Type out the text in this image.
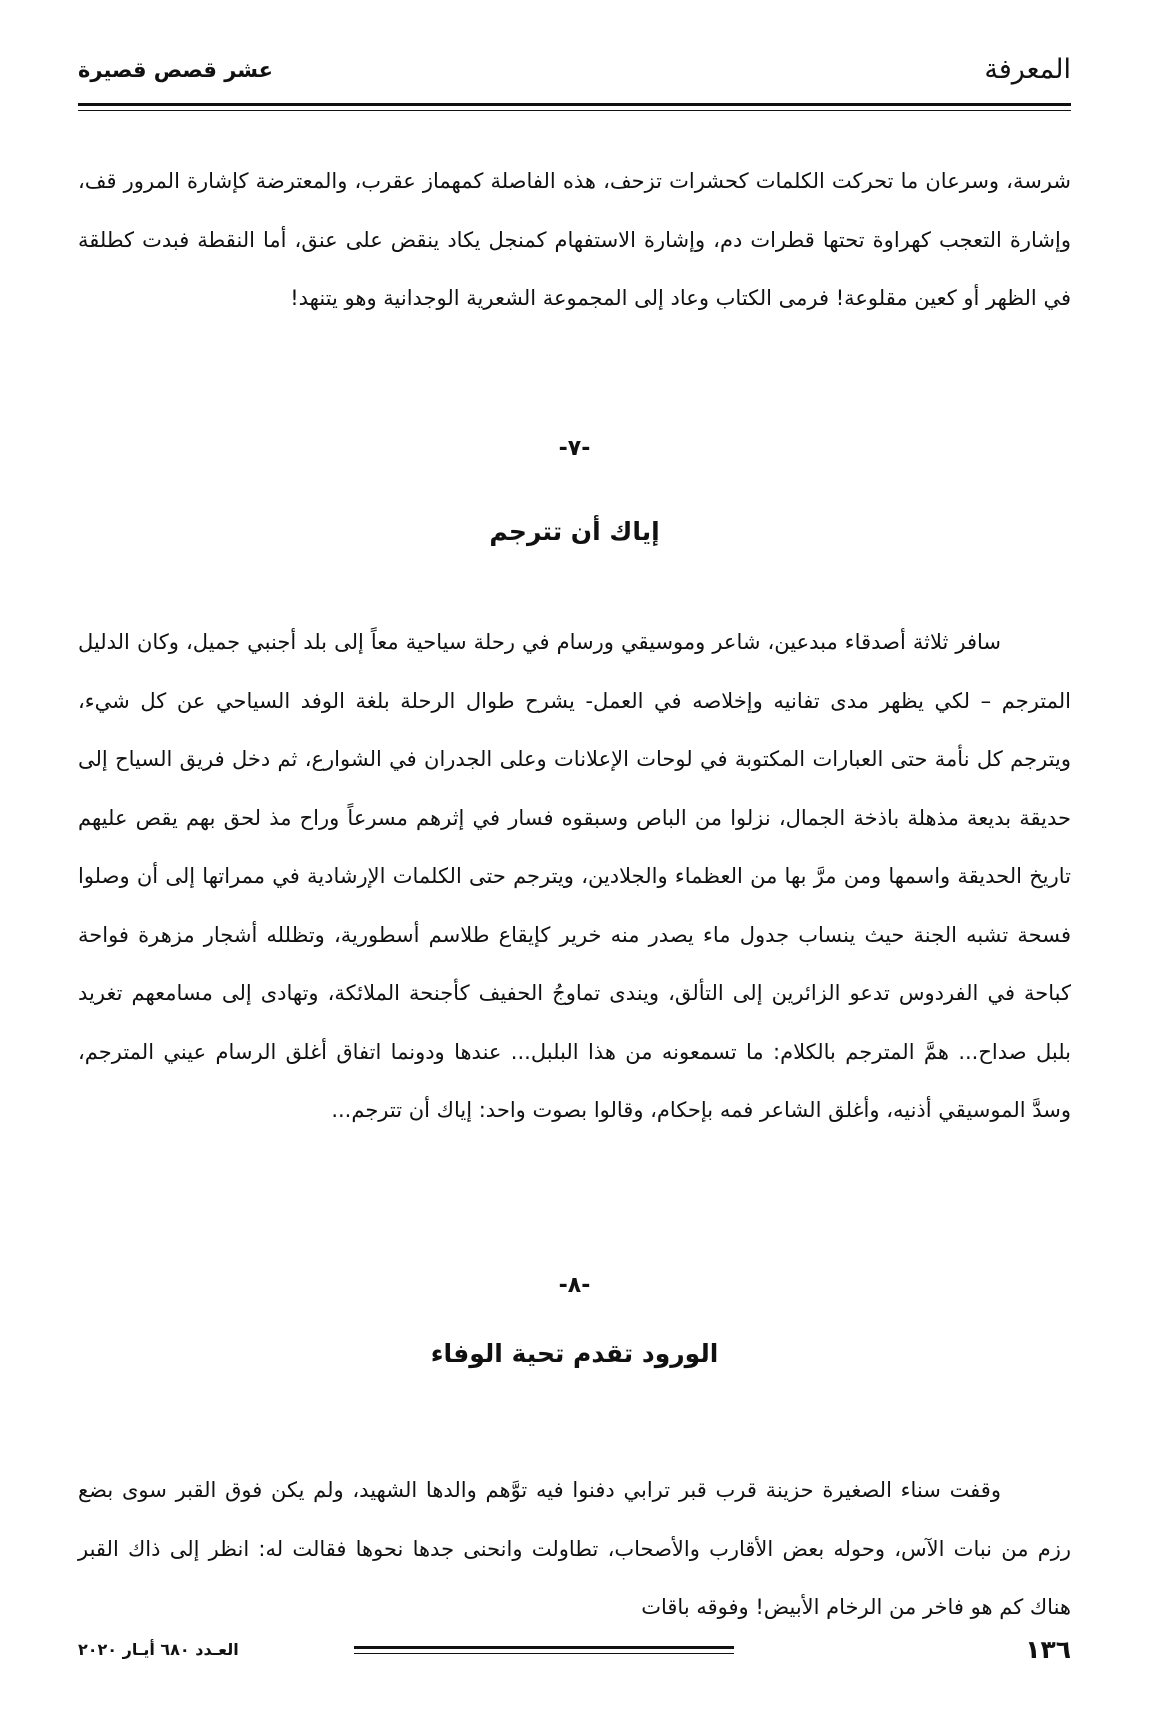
المعرفة
عشر قصص قصيرة

شرسة، وسرعان ما تحركت الكلمات كحشرات تزحف، هذه الفاصلة كمهماز عقرب، والمعترضة كإشارة المرور قف، وإشارة التعجب كهراوة تحتها قطرات دم، وإشارة الاستفهام كمنجل يكاد ينقض على عنق، أما النقطة فبدت كطلقة في الظهر أو كعين مقلوعة! فرمى الكتاب وعاد إلى المجموعة الشعرية الوجدانية وهو يتنهد!

-٧-
إياك أن تترجم

سافر ثلاثة أصدقاء مبدعين، شاعر وموسيقي ورسام في رحلة سياحية معاً إلى بلد أجنبي جميل، وكان الدليل المترجم – لكي يظهر مدى تفانيه وإخلاصه في العمل- يشرح طوال الرحلة بلغة الوفد السياحي عن كل شيء، ويترجم كل نأمة حتى العبارات المكتوبة في لوحات الإعلانات وعلى الجدران في الشوارع، ثم دخل فريق السياح إلى حديقة بديعة مذهلة باذخة الجمال، نزلوا من الباص وسبقوه فسار في إثرهم مسرعاً وراح مذ لحق بهم يقص عليهم تاريخ الحديقة واسمها ومن مرَّ بها من العظماء والجلادين، ويترجم حتى الكلمات الإرشادية في ممراتها إلى أن وصلوا فسحة تشبه الجنة حيث ينساب جدول ماء يصدر منه خرير كإيقاع طلاسم أسطورية، وتظلله أشجار مزهرة فواحة كباحة في الفردوس تدعو الزائرين إلى التألق، ويندى تماوجُ الحفيف كأجنحة الملائكة، وتهادى إلى مسامعهم تغريد بلبل صداح... همَّ المترجم بالكلام: ما تسمعونه من هذا البلبل... عندها ودونما اتفاق أغلق الرسام عيني المترجم، وسدَّ الموسيقي أذنيه، وأغلق الشاعر فمه بإحكام، وقالوا بصوت واحد: إياك أن تترجم...

-٨-
الورود تقدم تحية الوفاء

وقفت سناء الصغيرة حزينة قرب قبر ترابي دفنوا فيه توَّهم والدها الشهيد، ولم يكن فوق القبر سوى بضع رزم من نبات الآس، وحوله بعض الأقارب والأصحاب، تطاولت وانحنى جدها نحوها فقالت له: انظر إلى ذاك القبر هناك كم هو فاخر من الرخام الأبيض! وفوقه باقات

١٣٦
العـدد ٦٨٠ أيـار ٢٠٢٠
